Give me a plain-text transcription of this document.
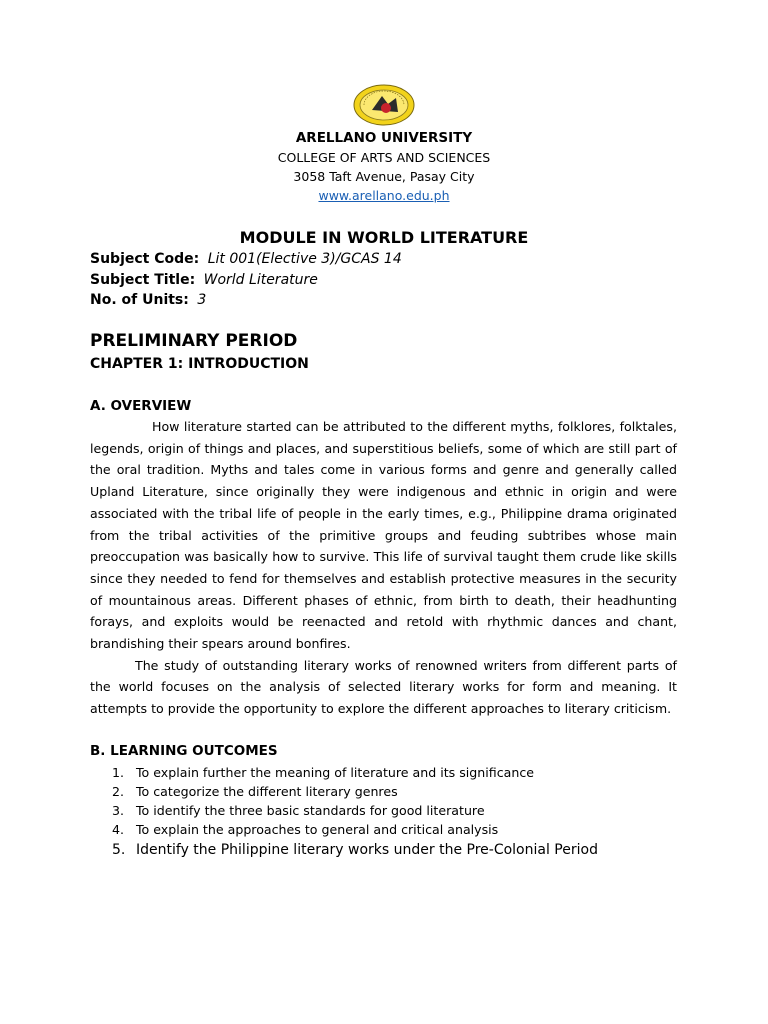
ARELLANO UNIVERSITY
COLLEGE OF ARTS AND SCIENCES
3058 Taft Avenue, Pasay City
www.arellano.edu.ph
MODULE IN WORLD LITERATURE
Subject Code: Lit 001(Elective 3)/GCAS 14
Subject Title: World Literature
No. of Units: 3
PRELIMINARY PERIOD
CHAPTER 1: INTRODUCTION
A. OVERVIEW

How literature started can be attributed to the different myths, folklores, folktales, legends, origin of things and places, and superstitious beliefs, some of which are still part of the oral tradition. Myths and tales come in various forms and genre and generally called Upland Literature, since originally they were indigenous and ethnic in origin and were associated with the tribal life of people in the early times, e.g., Philippine drama originated from the tribal activities of the primitive groups and feuding subtribes whose main preoccupation was basically how to survive. This life of survival taught them crude like skills since they needed to fend for themselves and establish protective measures in the security of mountainous areas. Different phases of ethnic, from birth to death, their headhunting forays, and exploits would be reenacted and retold with rhythmic dances and chant, brandishing their spears around bonfires.

The study of outstanding literary works of renowned writers from different parts of the world focuses on the analysis of selected literary works for form and meaning. It attempts to provide the opportunity to explore the different approaches to literary criticism.

B. LEARNING OUTCOMES
1. To explain further the meaning of literature and its significance
2. To categorize the different literary genres
3. To identify the three basic standards for good literature
4. To explain the approaches to general and critical analysis
5. Identify the Philippine literary works under the Pre-Colonial Period
